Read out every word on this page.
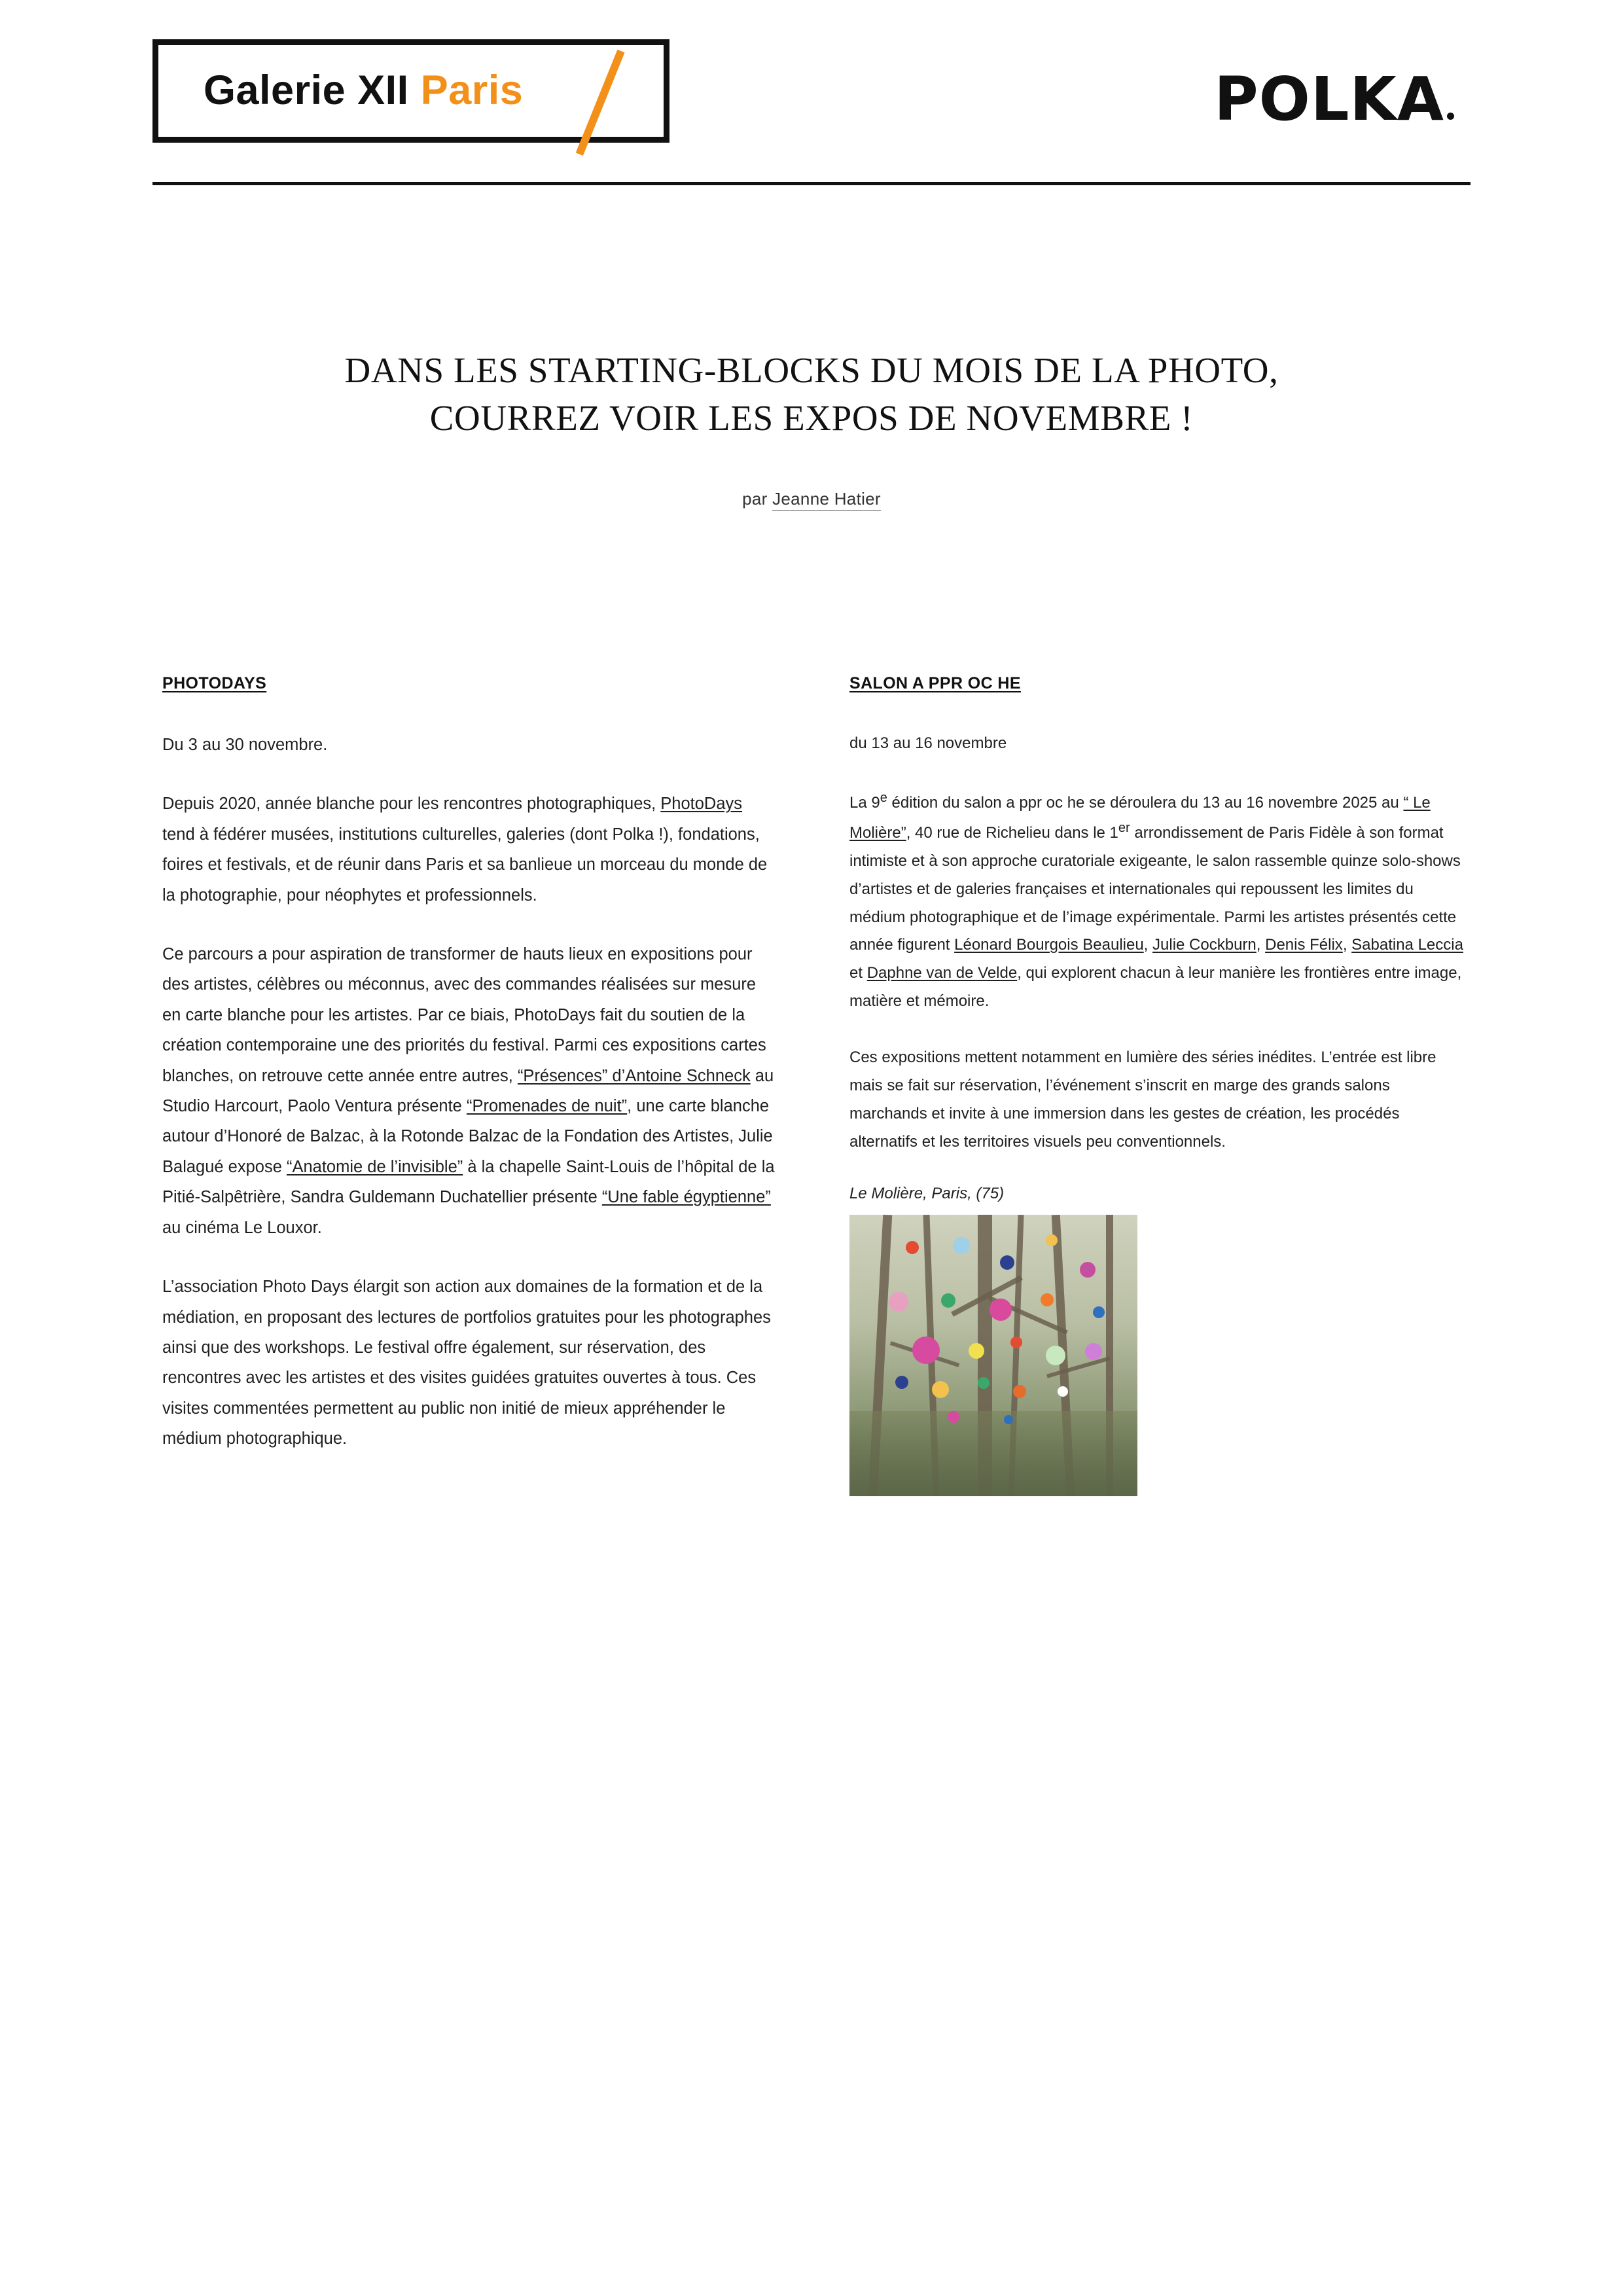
Galerie XII Paris	POLKA
DANS LES STARTING-BLOCKS DU MOIS DE LA PHOTO,
COURREZ VOIR LES EXPOS DE NOVEMBRE !
par Jeanne Hatier
PHOTODAYS

Du 3 au 30 novembre.

Depuis 2020, année blanche pour les rencontres photographiques, PhotoDays tend à fédérer musées, institutions culturelles, galeries (dont Polka !), fondations, foires et festivals, et de réunir dans Paris et sa banlieue un morceau du monde de la photographie, pour néophytes et professionnels.

Ce parcours a pour aspiration de transformer de hauts lieux en expositions pour des artistes, célèbres ou méconnus, avec des commandes réalisées sur mesure en carte blanche pour les artistes. Par ce biais, PhotoDays fait du soutien de la création contemporaine une des priorités du festival. Parmi ces expositions cartes blanches, on retrouve cette année entre autres, “Présences” d’Antoine Schneck au Studio Harcourt, Paolo Ventura présente “Promenades de nuit”, une carte blanche autour d’Honoré de Balzac, à la Rotonde Balzac de la Fondation des Artistes, Julie Balagué expose “Anatomie de l’invisible” à la chapelle Saint-Louis de l’hôpital de la Pitié-Salpêtrière, Sandra Guldemann Duchatellier présente “Une fable égyptienne” au cinéma Le Louxor.

L’association Photo Days élargit son action aux domaines de la formation et de la médiation, en proposant des lectures de portfolios gratuites pour les photographes ainsi que des workshops. Le festival offre également, sur réservation, des rencontres avec les artistes et des visites guidées gratuites ouvertes à tous. Ces visites commentées permettent au public non initié de mieux appréhender le médium photographique.

SALON A PPR OC HE

du 13 au 16 novembre

La 9e édition du salon a ppr oc he se déroulera du 13 au 16 novembre 2025 au “ Le Molière”, 40 rue de Richelieu dans le 1er arrondissement de Paris Fidèle à son format intimiste et à son approche curatoriale exigeante, le salon rassemble quinze solo-shows d’artistes et de galeries françaises et internationales qui repoussent les limites du médium photographique et de l’image expérimentale. Parmi les artistes présentés cette année figurent Léonard Bourgois Beaulieu, Julie Cockburn, Denis Félix, Sabatina Leccia et Daphne van de Velde, qui explorent chacun à leur manière les frontières entre image, matière et mémoire.

Ces expositions mettent notamment en lumière des séries inédites. L’entrée est libre mais se fait sur réservation, l’événement s’inscrit en marge des grands salons marchands et invite à une immersion dans les gestes de création, les procédés alternatifs et les territoires visuels peu conventionnels.

Le Molière, Paris, (75)
